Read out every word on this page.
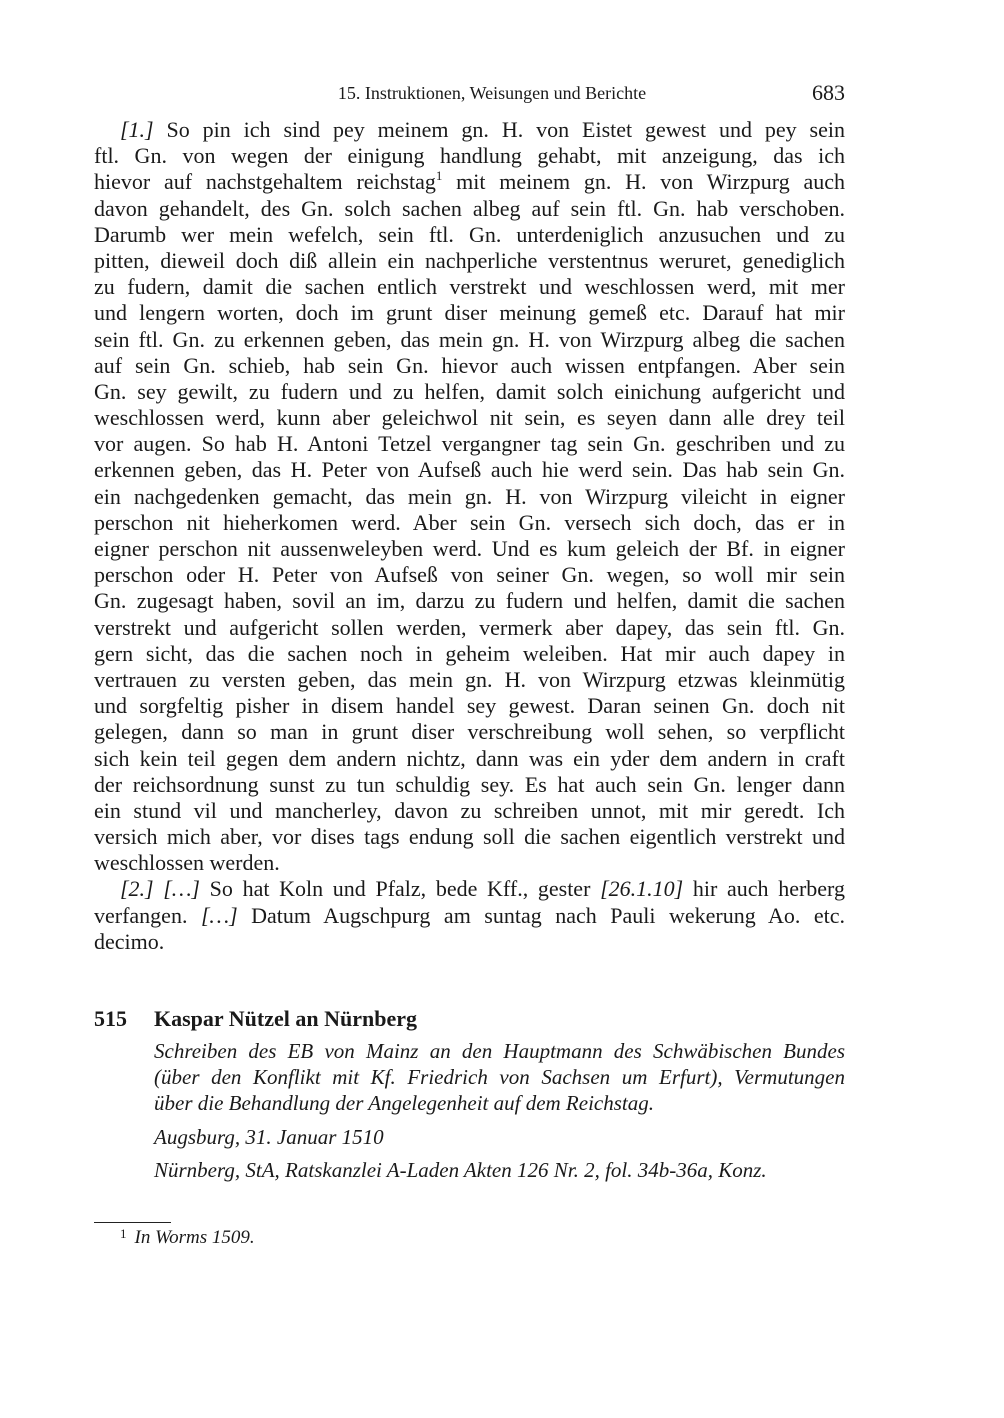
15. Instruktionen, Weisungen und Berichte	683
[1.] So pin ich sind pey meinem gn. H. von Eistet gewest und pey sein
ftl. Gn. von wegen der einigung handlung gehabt, mit anzeigung, das ich
hievor auf nachstgehaltem reichstag$^1$ mit meinem gn. H. von Wirzpurg auch
davon gehandelt, des Gn. solch sachen albeg auf sein ftl. Gn. hab verschoben.
Darumb wer mein wefelch, sein ftl. Gn. unterdeniglich anzusuchen und zu
pitten, dieweil doch diß allein ein nachperliche verstentnus weruret, genediglich
zu fudern, damit die sachen entlich verstrekt und weschlossen werd, mit mer
und lengern worten, doch im grunt diser meinung gemeß etc. Darauf hat mir
sein ftl. Gn. zu erkennen geben, das mein gn. H. von Wirzpurg albeg die sachen
auf sein Gn. schieb, hab sein Gn. hievor auch wissen entpfangen. Aber sein
Gn. sey gewilt, zu fudern und zu helfen, damit solch einichung aufgericht und
weschlossen werd, kunn aber geleichwol nit sein, es seyen dann alle drey teil
vor augen. So hab H. Antoni Tetzel vergangner tag sein Gn. geschriben und zu
erkennen geben, das H. Peter von Aufseß auch hie werd sein. Das hab sein Gn.
ein nachgedenken gemacht, das mein gn. H. von Wirzpurg vileicht in eigner
perschon nit hieherkomen werd. Aber sein Gn. versech sich doch, das er in
eigner perschon nit aussenweleyben werd. Und es kum geleich der Bf. in eigner
perschon oder H. Peter von Aufseß von seiner Gn. wegen, so woll mir sein
Gn. zugesagt haben, sovil an im, darzu zu fudern und helfen, damit die sachen
verstrekt und aufgericht sollen werden, vermerk aber dapey, das sein ftl. Gn.
gern sicht, das die sachen noch in geheim weleiben. Hat mir auch dapey in
vertrauen zu versten geben, das mein gn. H. von Wirzpurg etzwas kleinmütig
und sorgfeltig pisher in disem handel sey gewest. Daran seinen Gn. doch nit
gelegen, dann so man in grunt diser verschreibung woll sehen, so verpflicht
sich kein teil gegen dem andern nichtz, dann was ein yder dem andern in craft
der reichsordnung sunst zu tun schuldig sey. Es hat auch sein Gn. lenger dann
ein stund vil und mancherley, davon zu schreiben unnot, mit mir geredt. Ich
versich mich aber, vor dises tags endung soll die sachen eigentlich verstrekt und
weschlossen werden.
[2.] […] So hat Koln und Pfalz, bede Kff., gester [26.1.10] hir auch herberg
verfangen. […] Datum Augschpurg am suntag nach Pauli wekerung Ao. etc.
decimo.
515 Kaspar Nützel an Nürnberg
Schreiben des EB von Mainz an den Hauptmann des Schwäbischen Bundes
(über den Konflikt mit Kf. Friedrich von Sachsen um Erfurt), Vermutungen
über die Behandlung der Angelegenheit auf dem Reichstag.
Augsburg, 31. Januar 1510
Nürnberg, StA, Ratskanzlei A-Laden Akten 126 Nr. 2, fol. 34b-36a, Konz.
$^1$ In Worms 1509.
